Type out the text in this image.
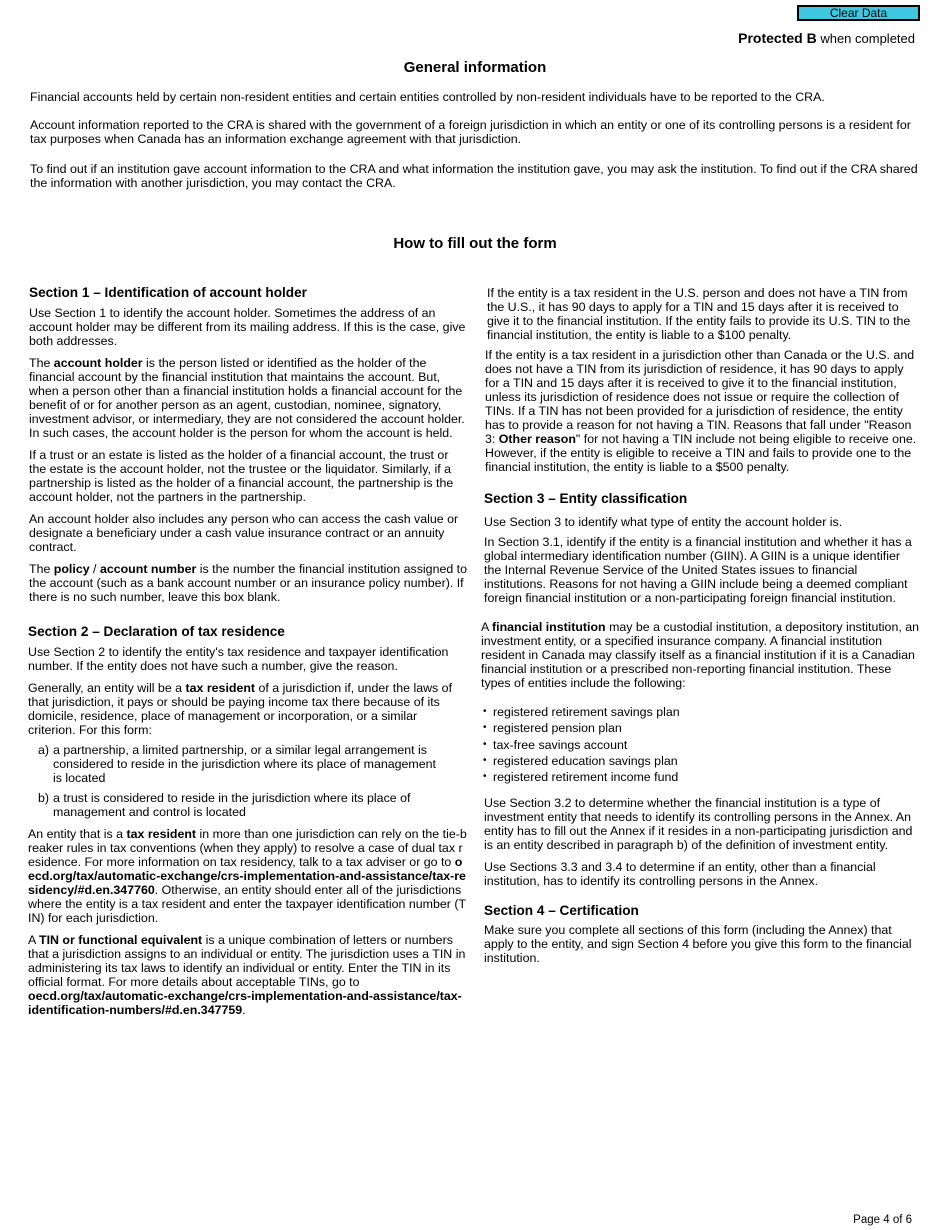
Clear Data
Protected B when completed
General information

Financial accounts held by certain non-resident entities and certain entities controlled by non-resident individuals have to be reported to the CRA.

Account information reported to the CRA is shared with the government of a foreign jurisdiction in which an entity or one of its controlling persons is a resident for tax purposes when Canada has an information exchange agreement with that jurisdiction.

To find out if an institution gave account information to the CRA and what information the institution gave, you may ask the institution. To find out if the CRA shared the information with another jurisdiction, you may contact the CRA.

How to fill out the form
Section 1 – Identification of account holder

Use Section 1 to identify the account holder. Sometimes the address of an account holder may be different from its mailing address. If this is the case, give both addresses.

The account holder is the person listed or identified as the holder of the financial account by the financial institution that maintains the account. But, when a person other than a financial institution holds a financial account for the benefit of or for another person as an agent, custodian, nominee, signatory, investment advisor, or intermediary, they are not considered the account holder. In such cases, the account holder is the person for whom the account is held.

If a trust or an estate is listed as the holder of a financial account, the trust or the estate is the account holder, not the trustee or the liquidator. Similarly, if a partnership is listed as the holder of a financial account, the partnership is the account holder, not the partners in the partnership.

An account holder also includes any person who can access the cash value or designate a beneficiary under a cash value insurance contract or an annuity contract.

The policy / account number is the number the financial institution assigned to the account (such as a bank account number or an insurance policy number). If there is no such number, leave this box blank.

Section 2 – Declaration of tax residence

Use Section 2 to identify the entity's tax residence and taxpayer identification number. If the entity does not have such a number, give the reason.

Generally, an entity will be a tax resident of a jurisdiction if, under the laws of that jurisdiction, it pays or should be paying income tax there because of its domicile, residence, place of management or incorporation, or a similar criterion. For this form:

a) a partnership, a limited partnership, or a similar legal arrangement is considered to reside in the jurisdiction where its place of management is located
b) a trust is considered to reside in the jurisdiction where its place of management and control is located

An entity that is a tax resident in more than one jurisdiction can rely on the tie-breaker rules in tax conventions (when they apply) to resolve a case of dual tax residence. For more information on tax residency, talk to a tax adviser or go to oecd.org/tax/automatic-exchange/crs-implementation-and-assistance/tax-residency/#d.en.347760. Otherwise, an entity should enter all of the jurisdictions where the entity is a tax resident and enter the taxpayer identification number (TIN) for each jurisdiction.

A TIN or functional equivalent is a unique combination of letters or numbers that a jurisdiction assigns to an individual or entity. The jurisdiction uses a TIN in administering its tax laws to identify an individual or entity. Enter the TIN in its official format. For more details about acceptable TINs, go to oecd.org/tax/automatic-exchange/crs-implementation-and-assistance/tax-identification-numbers/#d.en.347759.

If the entity is a tax resident in the U.S. person and does not have a TIN from the U.S., it has 90 days to apply for a TIN and 15 days after it is received to give it to the financial institution. If the entity fails to provide its U.S. TIN to the financial institution, the entity is liable to a $100 penalty.

If the entity is a tax resident in a jurisdiction other than Canada or the U.S. and does not have a TIN from its jurisdiction of residence, it has 90 days to apply for a TIN and 15 days after it is received to give it to the financial institution, unless its jurisdiction of residence does not issue or require the collection of TINs. If a TIN has not been provided for a jurisdiction of residence, the entity has to provide a reason for not having a TIN. Reasons that fall under "Reason 3: Other reason" for not having a TIN include not being eligible to receive one. However, if the entity is eligible to receive a TIN and fails to provide one to the financial institution, the entity is liable to a $500 penalty.

Section 3 – Entity classification

Use Section 3 to identify what type of entity the account holder is.

In Section 3.1, identify if the entity is a financial institution and whether it has a global intermediary identification number (GIIN). A GIIN is a unique identifier the Internal Revenue Service of the United States issues to financial institutions. Reasons for not having a GIIN include being a deemed compliant foreign financial institution or a non-participating foreign financial institution.

A financial institution may be a custodial institution, a depository institution, an investment entity, or a specified insurance company. A financial institution resident in Canada may classify itself as a financial institution if it is a Canadian financial institution or a prescribed non-reporting financial institution. These types of entities include the following:

• registered retirement savings plan
• registered pension plan
• tax-free savings account
• registered education savings plan
• registered retirement income fund

Use Section 3.2 to determine whether the financial institution is a type of investment entity that needs to identify its controlling persons in the Annex. An entity has to fill out the Annex if it resides in a non-participating jurisdiction and is an entity described in paragraph b) of the definition of investment entity.

Use Sections 3.3 and 3.4 to determine if an entity, other than a financial institution, has to identify its controlling persons in the Annex.

Section 4 – Certification

Make sure you complete all sections of this form (including the Annex) that apply to the entity, and sign Section 4 before you give this form to the financial institution.

Page 4 of 6
